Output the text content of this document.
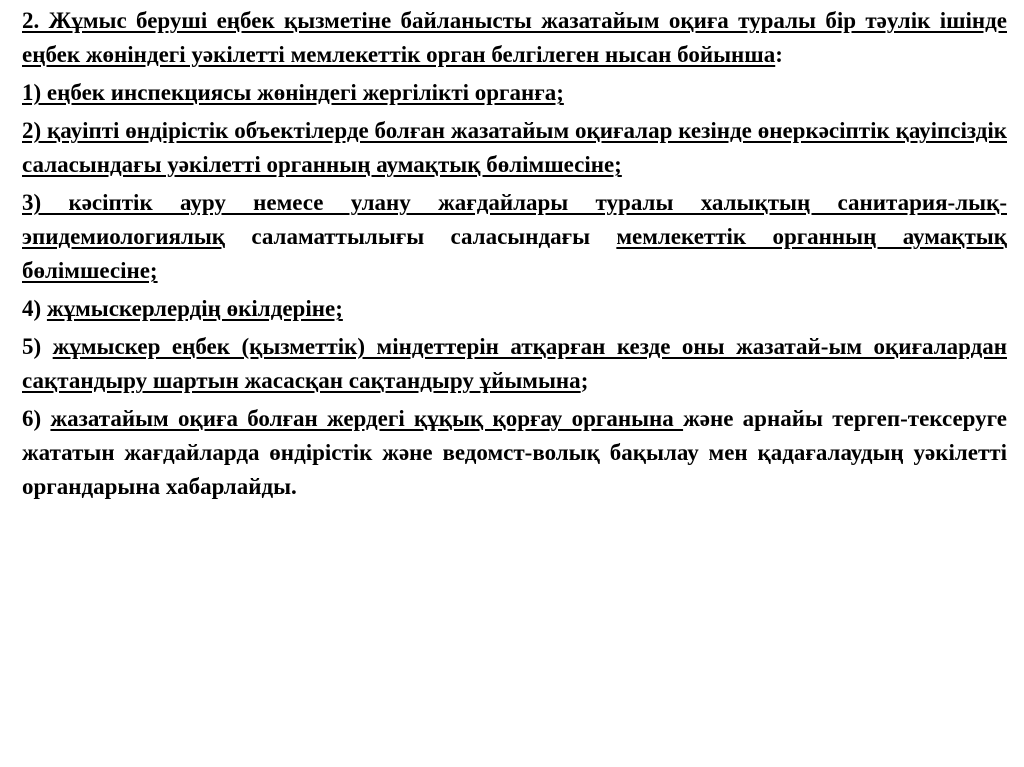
2. Жұмыс беруші еңбек қызметіне байланысты жазатайым оқиға туралы бір тәулік ішінде еңбек жөніндегі уәкілетті мемлекеттік орган белгілеген нысан бойынша:

1) еңбек инспекциясы жөніндегі жергілікті органға;

2) қауіпті өндірістік объектілерде болған жазатайым оқиғалар кезінде өнеркәсіптік қауіпсіздік саласындағы уәкілетті органның аумақтық бөлімшесіне;

3) кәсіптік ауру немесе улану жағдайлары туралы халықтың санитария-лық-эпидемиологиялық саламаттылығы саласындағы мемлекеттік органның аумақтық бөлімшесіне;

4) жұмыскерлердің өкілдеріне;

5) жұмыскер еңбек (қызметтік) міндеттерін атқарған кезде оны жазатай-ым оқиғалардан сақтандыру шартын жасасқан сақтандыру ұйымына;

6) жазатайым оқиға болған жердегі құқық қорғау органына және арнайы тергеп-тексеруге жататын жағдайларда өндірістік және ведомст-волық бақылау мен қадағалаудың уәкілетті органдарына хабарлайды.
